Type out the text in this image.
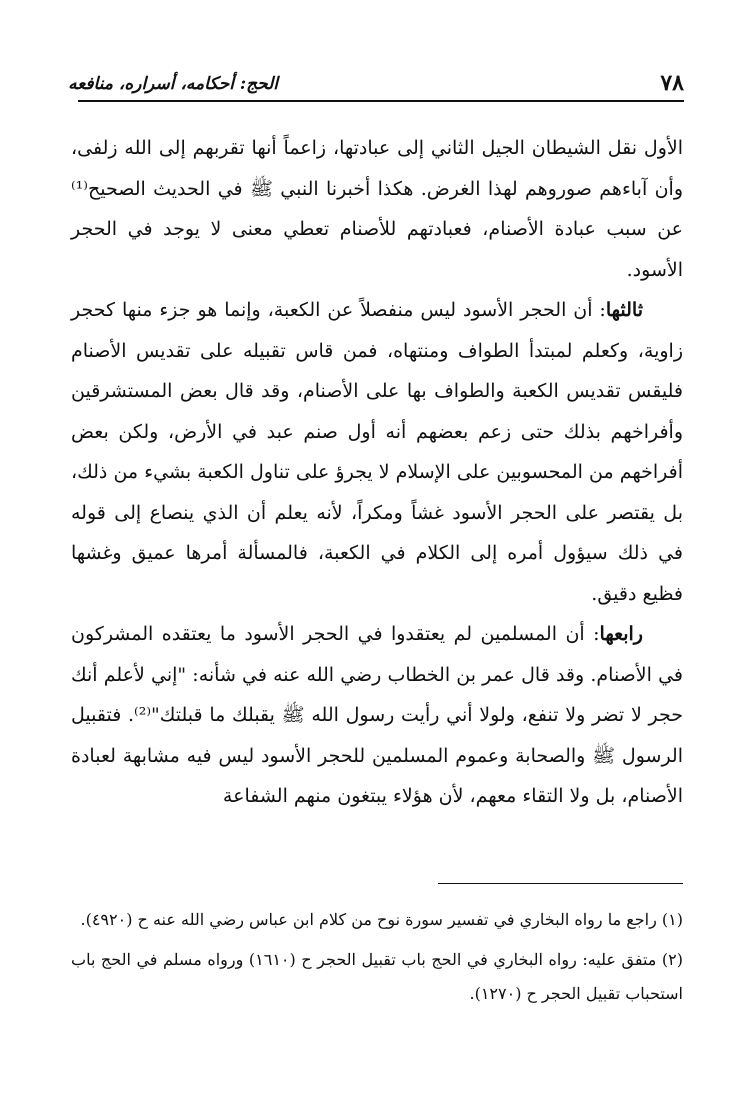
٧٨
الحج: أحكامه، أسراره، منافعه

الأول نقل الشيطان الجيل الثاني إلى عبادتها، زاعماً أنها تقربهم إلى الله زلفى، وأن آباءهم صوروهم لهذا الغرض. هكذا أخبرنا النبي ﷺ في الحديث الصحيح⁽¹⁾ عن سبب عبادة الأصنام، فعبادتهم للأصنام تعطي معنى لا يوجد في الحجر الأسود.

ثالثها: أن الحجر الأسود ليس منفصلاً عن الكعبة، وإنما هو جزء منها كحجر زاوية، وكعلم لمبتدأ الطواف ومنتهاه، فمن قاس تقبيله على تقديس الأصنام فليقس تقديس الكعبة والطواف بها على الأصنام، وقد قال بعض المستشرقين وأفراخهم بذلك حتى زعم بعضهم أنه أول صنم عبد في الأرض، ولكن بعض أفراخهم من المحسوبين على الإسلام لا يجرؤ على تناول الكعبة بشيء من ذلك، بل يقتصر على الحجر الأسود غشاً ومكراً، لأنه يعلم أن الذي ينصاع إلى قوله في ذلك سيؤول أمره إلى الكلام في الكعبة، فالمسألة أمرها عميق وغشها فظيع دقيق.

رابعها: أن المسلمين لم يعتقدوا في الحجر الأسود ما يعتقده المشركون في الأصنام. وقد قال عمر بن الخطاب رضي الله عنه في شأنه: "إني لأعلم أنك حجر لا تضر ولا تنفع، ولولا أني رأيت رسول الله ﷺ يقبلك ما قبلتك"⁽²⁾. فتقبيل الرسول ﷺ والصحابة وعموم المسلمين للحجر الأسود ليس فيه مشابهة لعبادة الأصنام، بل ولا التقاء معهم، لأن هؤلاء يبتغون منهم الشفاعة

(١) راجع ما رواه البخاري في تفسير سورة نوح من كلام ابن عباس رضي الله عنه ح (٤٩٢٠).

(٢) متفق عليه: رواه البخاري في الحج باب تقبيل الحجر ح (١٦١٠) ورواه مسلم في الحج باب استحباب تقبيل الحجر ح (١٢٧٠).
